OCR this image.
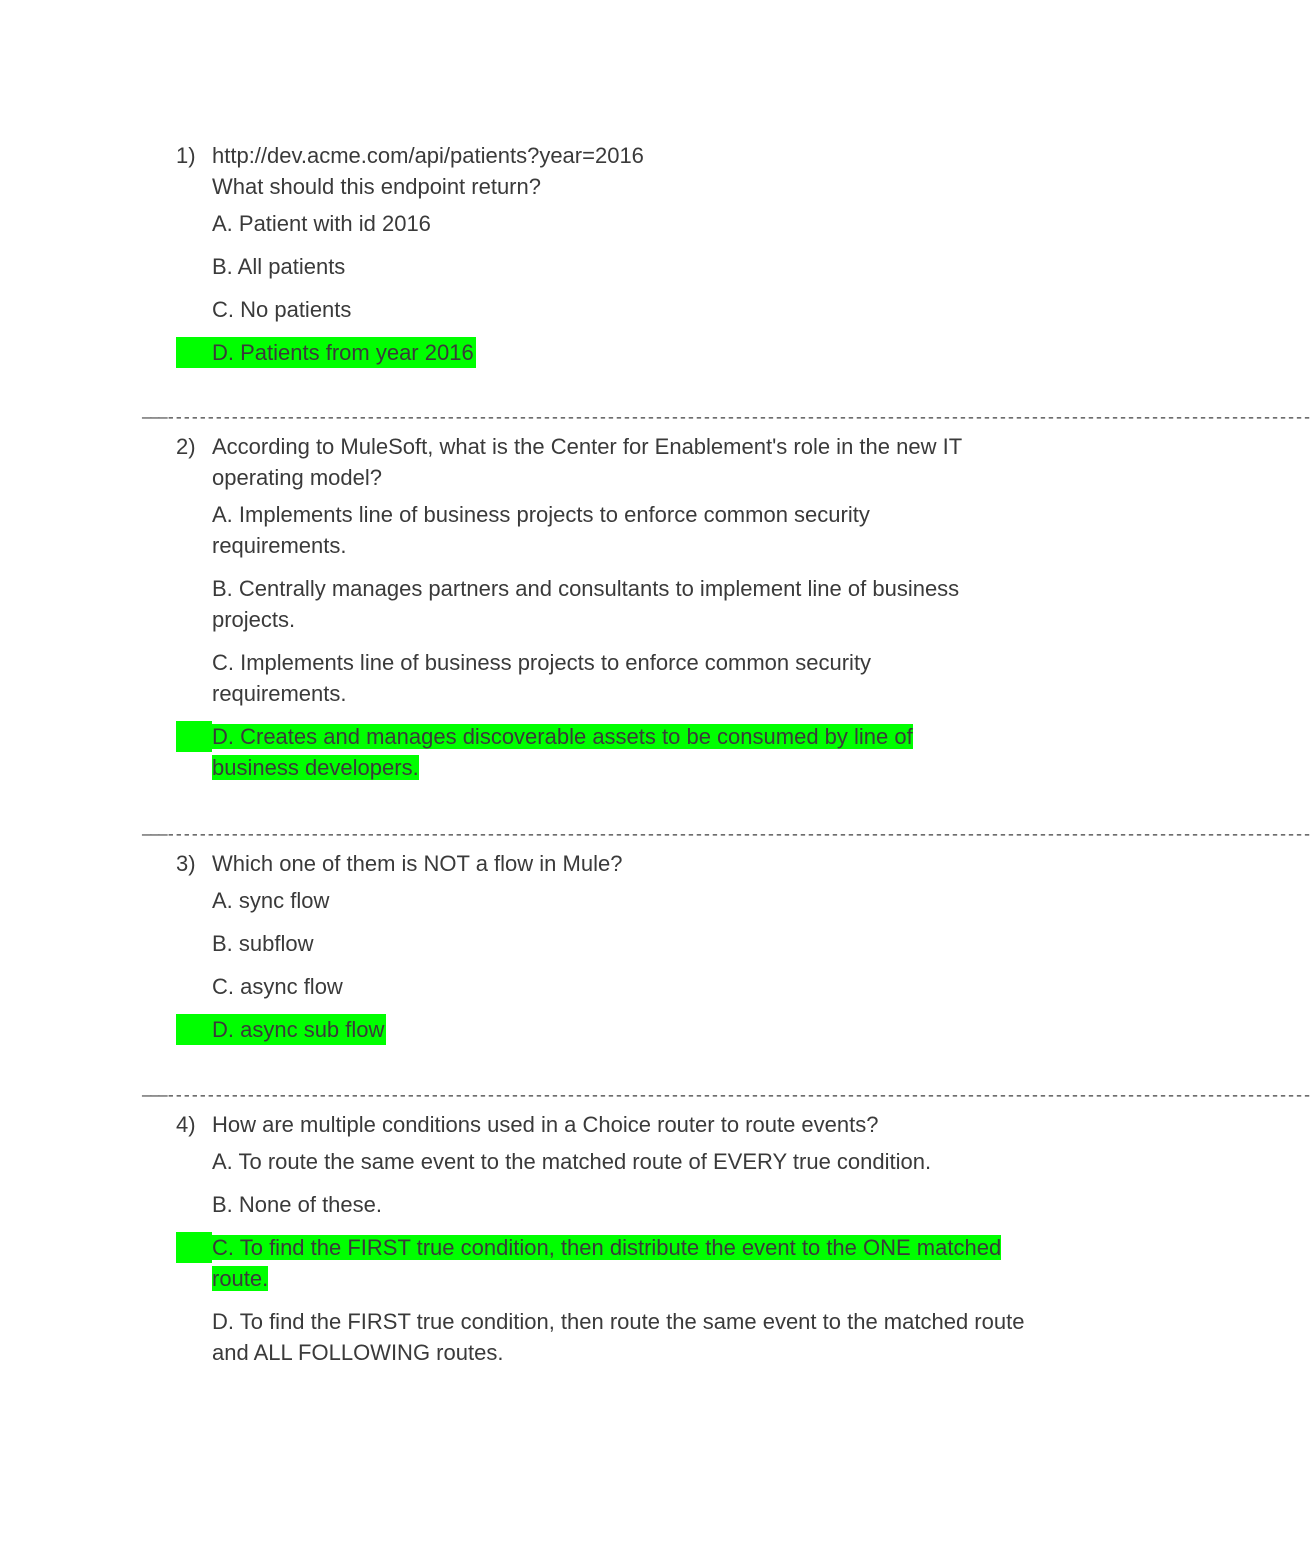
1) http://dev.acme.com/api/patients?year=2016
What should this endpoint return?
A. Patient with id 2016
B. All patients
C. No patients
D. Patients from year 2016
———-----------------------------------------------------------------------------------------------------------------------------------------------
2) According to MuleSoft, what is the Center for Enablement's role in the new IT
operating model?
A. Implements line of business projects to enforce common security requirements.
B. Centrally manages partners and consultants to implement line of business projects.
C. Implements line of business projects to enforce common security requirements.
D. Creates and manages discoverable assets to be consumed by line of business developers.
———-----------------------------------------------------------------------------------------------------------------------------------------------
3) Which one of them is NOT a flow in Mule?
A. sync flow
B. subflow
C. async flow
D. async sub flow
———-----------------------------------------------------------------------------------------------------------------------------------------------
4) How are multiple conditions used in a Choice router to route events?
A. To route the same event to the matched route of EVERY true condition.
B. None of these.
C. To find the FIRST true condition, then distribute the event to the ONE matched route.
D. To find the FIRST true condition, then route the same event to the matched route and ALL FOLLOWING routes.
